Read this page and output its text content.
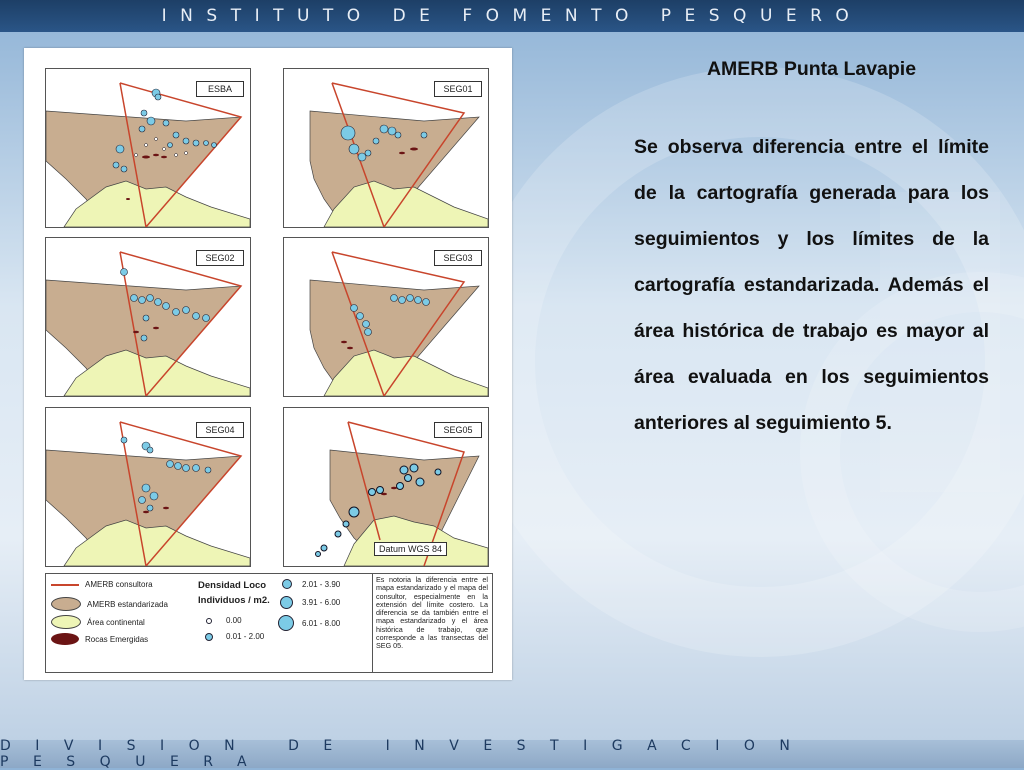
INSTITUTO DE FOMENTO PESQUERO
ESBA	SEG01
SEG02	SEG03
SEG04	SEG05
Datum WGS 84
AMERB consultora
AMERB estandarizada
Área continental
Rocas Emergidas
Densidad Loco
Individuos / m2.
0.00
0.01 - 2.00
2.01 - 3.90
3.91 - 6.00
6.01 - 8.00
Es notoria la diferencia entre el mapa estandarizado y el mapa del consultor, especialmente en la extensión del límite costero. La diferencia se da también entre el mapa estandarizado y el área histórica de trabajo, que corresponde a las transectas del SEG 05.
AMERB Punta Lavapie
Se observa diferencia entre el límite de la cartografía generada para los seguimientos y los límites de la cartografía estandarizada. Además el área histórica de trabajo es mayor al área evaluada en los seguimientos anteriores al seguimiento 5.
DIVISION DE INVESTIGACION PESQUERA
